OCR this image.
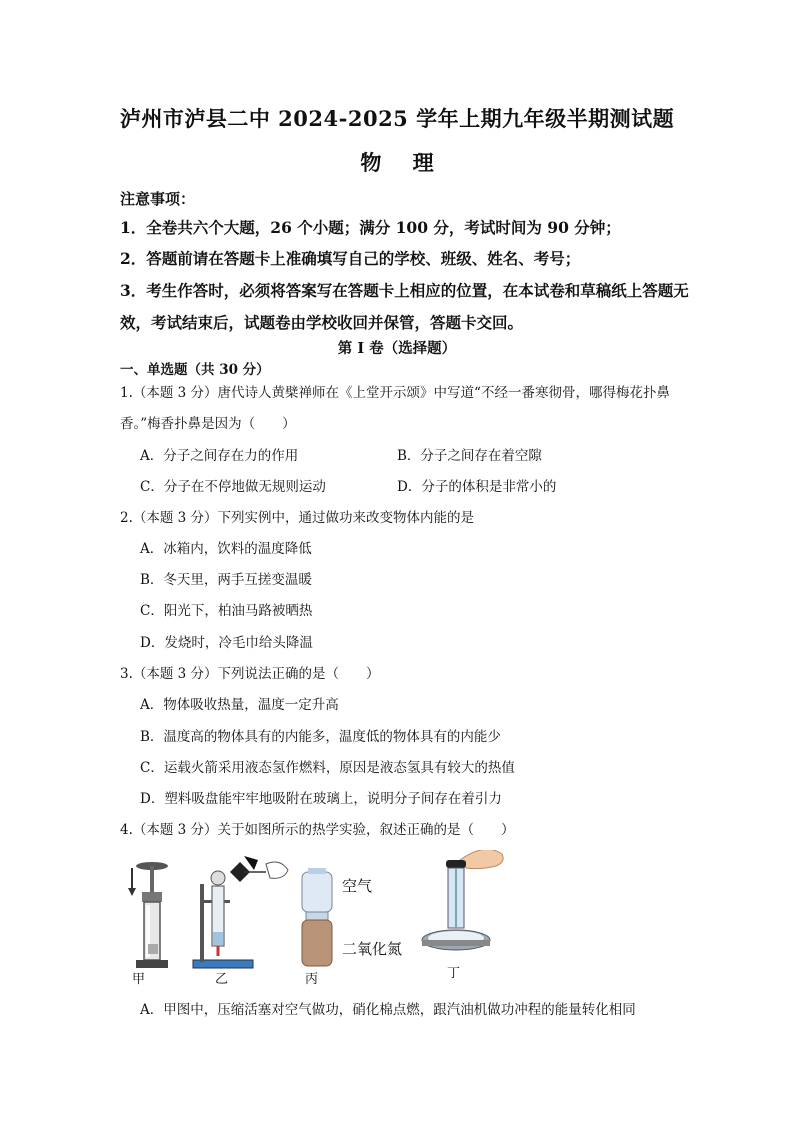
泸州市泸县二中 2024-2025 学年上期九年级半期测试题
物 理
注意事项：
1．全卷共六个大题，26 个小题；满分 100 分，考试时间为 90 分钟；
2．答题前请在答题卡上准确填写自己的学校、班级、姓名、考号；
3．考生作答时，必须将答案写在答题卡上相应的位置，在本试卷和草稿纸上答题无效，考试结束后，试题卷由学校收回并保管，答题卡交回。
第 I 卷（选择题）
一、单选题（共 30 分）
1.（本题 3 分）唐代诗人黄檗禅师在《上堂开示颂》中写道“不经一番寒彻骨，哪得梅花扑鼻香。”梅香扑鼻是因为（　　）
A．分子之间存在力的作用	B．分子之间存在着空隙
C．分子在不停地做无规则运动	D．分子的体积是非常小的
2.（本题 3 分）下列实例中，通过做功来改变物体内能的是
A．冰箱内，饮料的温度降低
B．冬天里，两手互搓变温暖
C．阳光下，柏油马路被晒热
D．发烧时，冷毛巾给头降温
3.（本题 3 分）下列说法正确的是（　　）
A．物体吸收热量，温度一定升高
B．温度高的物体具有的内能多，温度低的物体具有的内能少
C．运载火箭采用液态氢作燃料，原因是液态氢具有较大的热值
D．塑料吸盘能牢牢地吸附在玻璃上，说明分子间存在着引力
4.（本题 3 分）关于如图所示的热学实验，叙述正确的是（　　）
甲	乙
空气
二氧化氮
丙	丁
A．甲图中，压缩活塞对空气做功，硝化棉点燃，跟汽油机做功冲程的能量转化相同
